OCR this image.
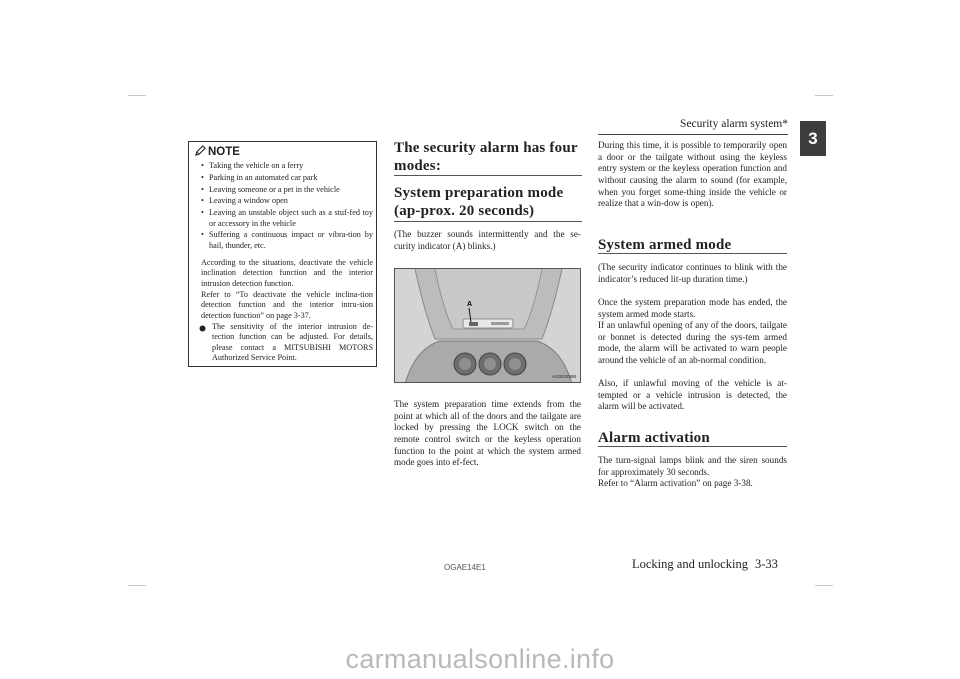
Security alarm system*
3
NOTE
• Taking the vehicle on a ferry
• Parking in an automated car park
• Leaving someone or a pet in the vehicle
• Leaving a window open
• Leaving an unstable object such as a stuf-fed toy or accessory in the vehicle
• Suffering a continuous impact or vibra-tion by hail, thunder, etc.
According to the situations, deactivate the vehicle inclination detection function and the interior intrusion detection function.
Refer to “To deactivate the vehicle inclina-tion detection function and the interior intru-sion detection function” on page 3-37.
The sensitivity of the interior intrusion de-tection function can be adjusted. For details, please contact a MITSUBISHI MOTORS Authorized Service Point.
The security alarm has four modes:
System preparation mode (ap-prox. 20 seconds)
(The buzzer sounds intermittently and the se-curity indicator (A) blinks.)
A
AG0022598
The system preparation time extends from the point at which all of the doors and the tailgate are locked by pressing the LOCK switch on the remote control switch or the keyless operation function to the point at which the system armed mode goes into ef-fect.
During this time, it is possible to temporarily open a door or the tailgate without using the keyless entry system or the keyless operation function and without causing the alarm to sound (for example, when you forget some-thing inside the vehicle or realize that a win-dow is open).
System armed mode
(The security indicator continues to blink with the indicator’s reduced lit-up duration time.)
Once the system preparation mode has ended, the system armed mode starts.
If an unlawful opening of any of the doors, tailgate or bonnet is detected during the sys-tem armed mode, the alarm will be activated to warn people around the vehicle of an ab-normal condition.
Also, if unlawful moving of the vehicle is at-tempted or a vehicle intrusion is detected, the alarm will be activated.
Alarm activation
The turn-signal lamps blink and the siren sounds for approximately 30 seconds.
Refer to “Alarm activation” on page 3-38.
OGAE14E1	Locking and unlocking 3-33
carmanualsonline.info
